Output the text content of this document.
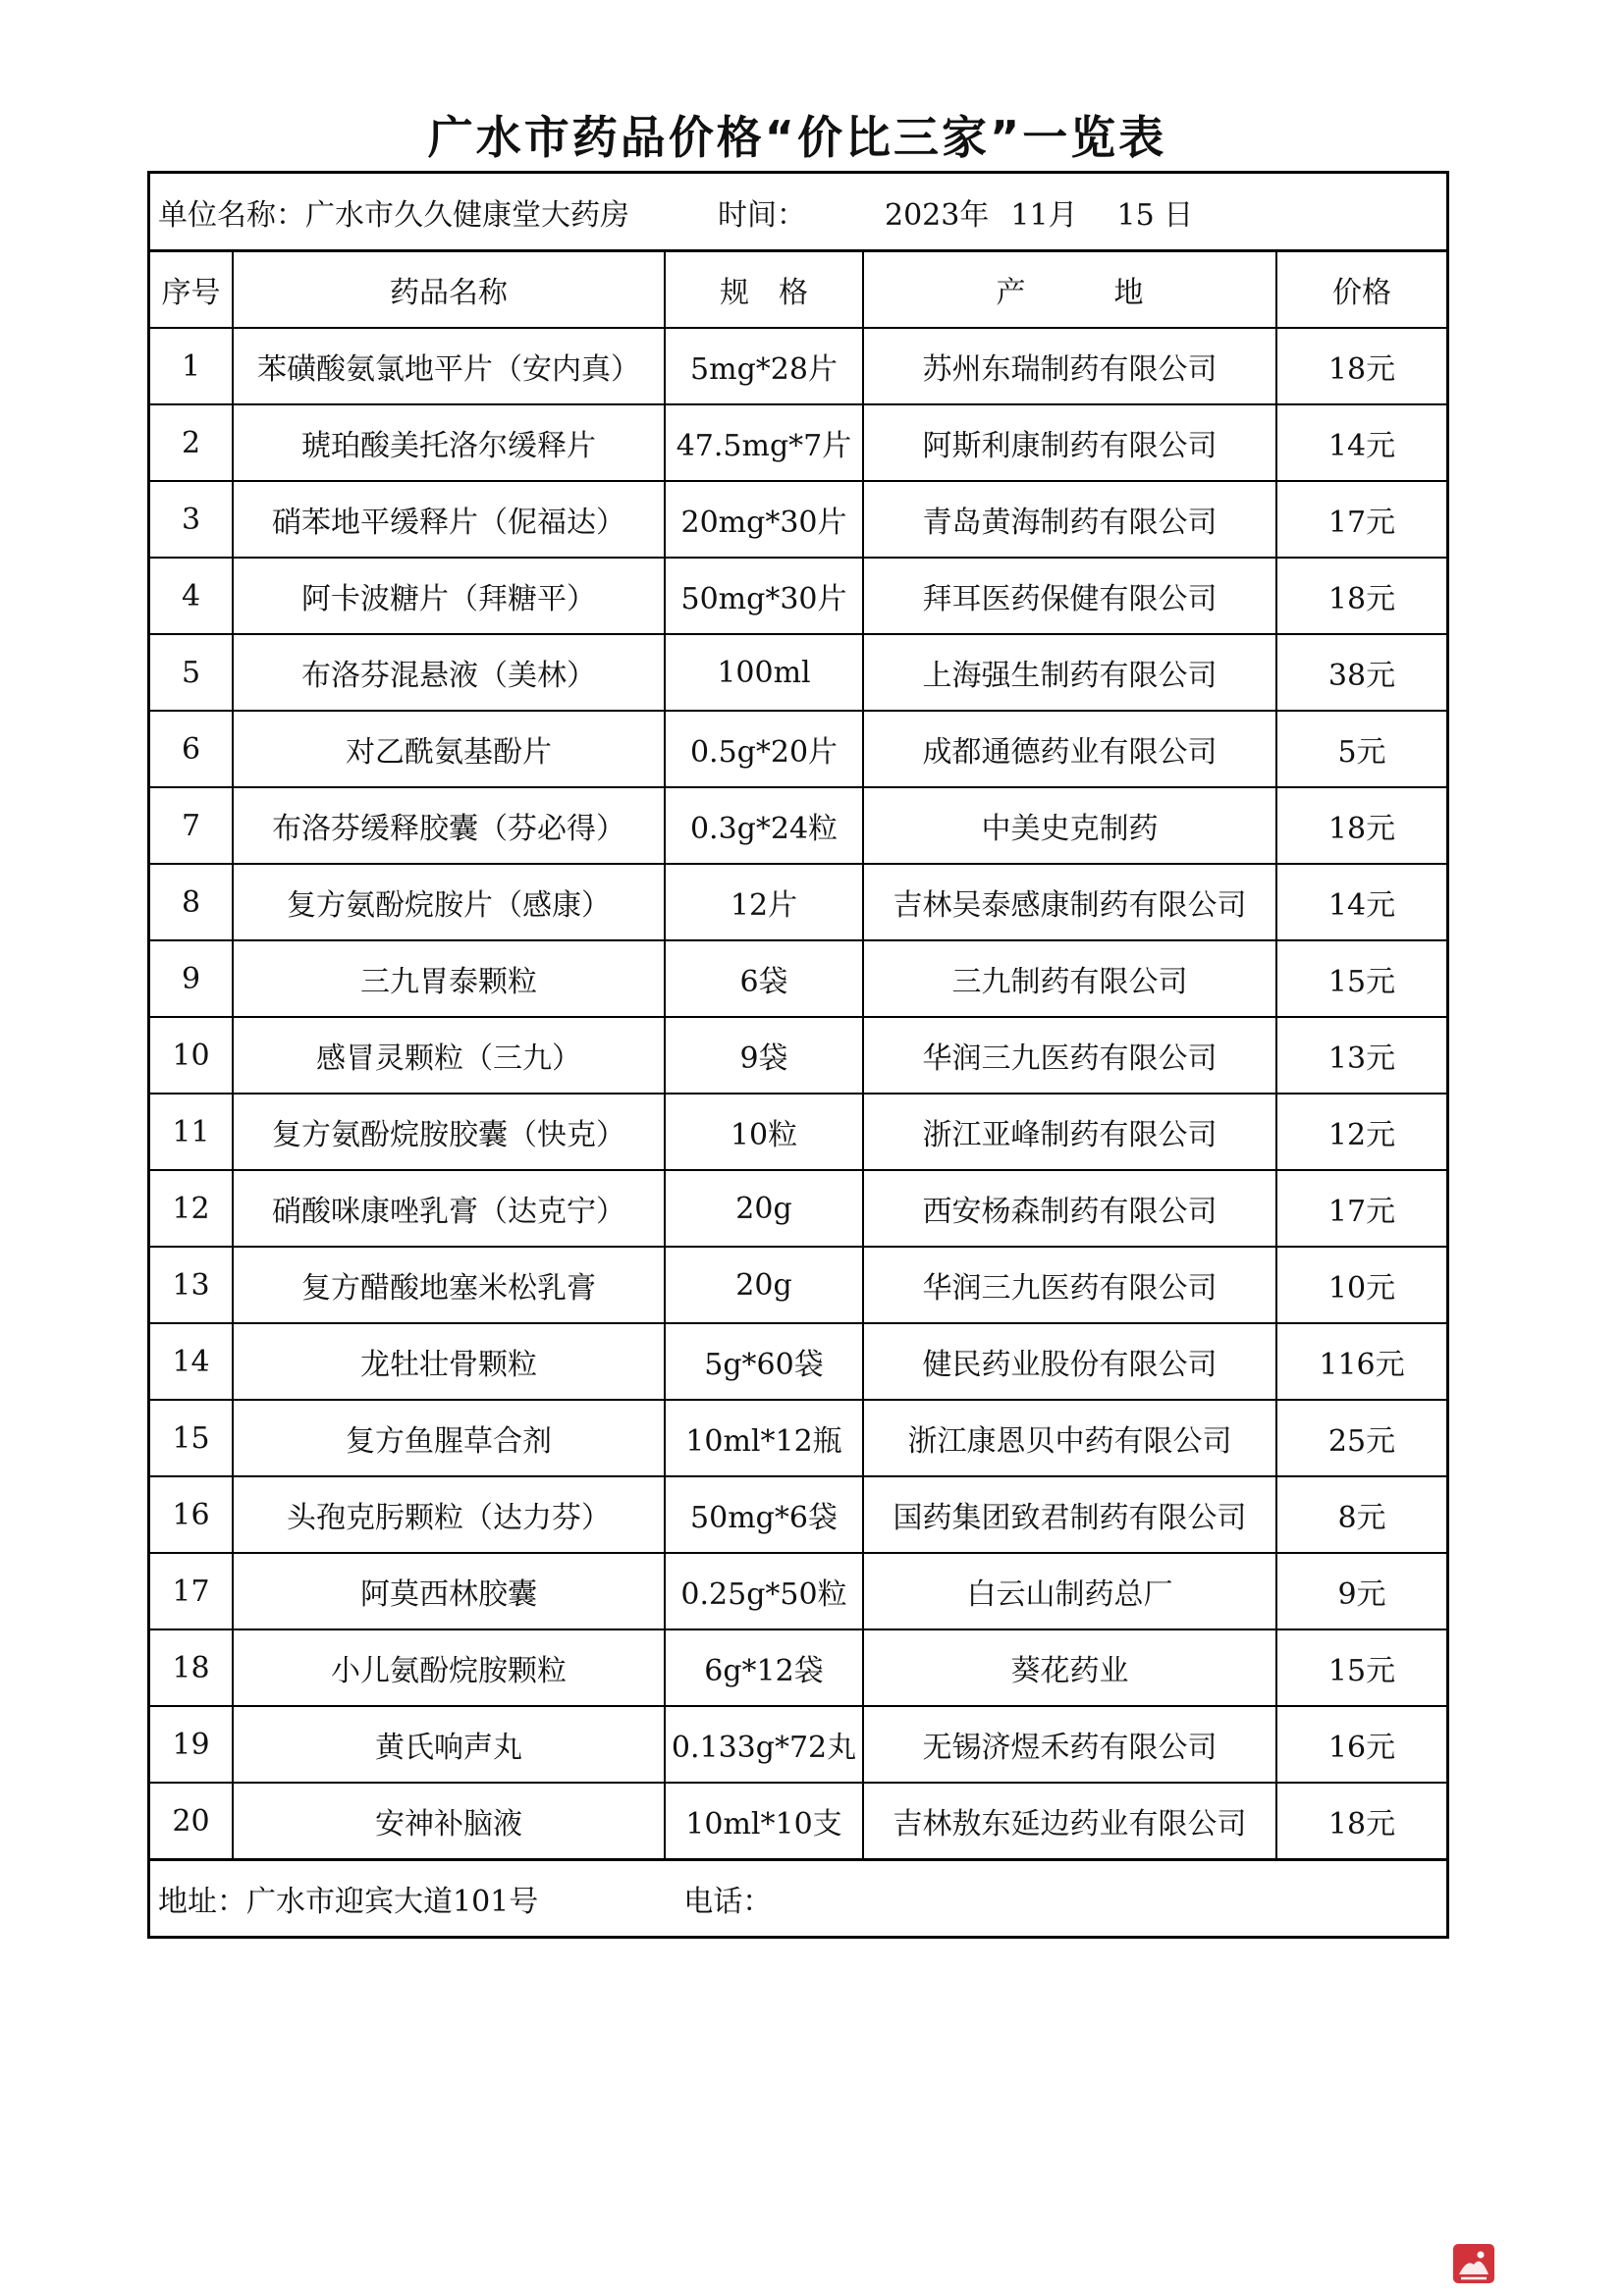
广水市药品价格“价比三家”一览表
单位名称： 广水市久久健康堂大药房	时间：	2023年 11月 15 日
序号	药品名称	规　格	产　　　地	价格
1	苯磺酸氨氯地平片（安内真）	5mg*28片	苏州东瑞制药有限公司	18元
2	琥珀酸美托洛尔缓释片	47.5mg*7片	阿斯利康制药有限公司	14元
3	硝苯地平缓释片（伲福达）	20mg*30片	青岛黄海制药有限公司	17元
4	阿卡波糖片（拜糖平）	50mg*30片	拜耳医药保健有限公司	18元
5	布洛芬混悬液（美林）	100ml	上海强生制药有限公司	38元
6	对乙酰氨基酚片	0.5g*20片	成都通德药业有限公司	5元
7	布洛芬缓释胶囊（芬必得）	0.3g*24粒	中美史克制药	18元
8	复方氨酚烷胺片（感康）	12片	吉林吴泰感康制药有限公司	14元
9	三九胃泰颗粒	6袋	三九制药有限公司	15元
10	感冒灵颗粒（三九）	9袋	华润三九医药有限公司	13元
11	复方氨酚烷胺胶囊（快克）	10粒	浙江亚峰制药有限公司	12元
12	硝酸咪康唑乳膏（达克宁）	20g	西安杨森制药有限公司	17元
13	复方醋酸地塞米松乳膏	20g	华润三九医药有限公司	10元
14	龙牡壮骨颗粒	5g*60袋	健民药业股份有限公司	116元
15	复方鱼腥草合剂	10ml*12瓶	浙江康恩贝中药有限公司	25元
16	头孢克肟颗粒（达力芬）	50mg*6袋	国药集团致君制药有限公司	8元
17	阿莫西林胶囊	0.25g*50粒	白云山制药总厂	9元
18	小儿氨酚烷胺颗粒	6g*12袋	葵花药业	15元
19	黄氏响声丸	0.133g*72丸	无锡济煜禾药有限公司	16元
20	安神补脑液	10ml*10支	吉林敖东延边药业有限公司	18元
地址： 广水市迎宾大道101号	电话：
